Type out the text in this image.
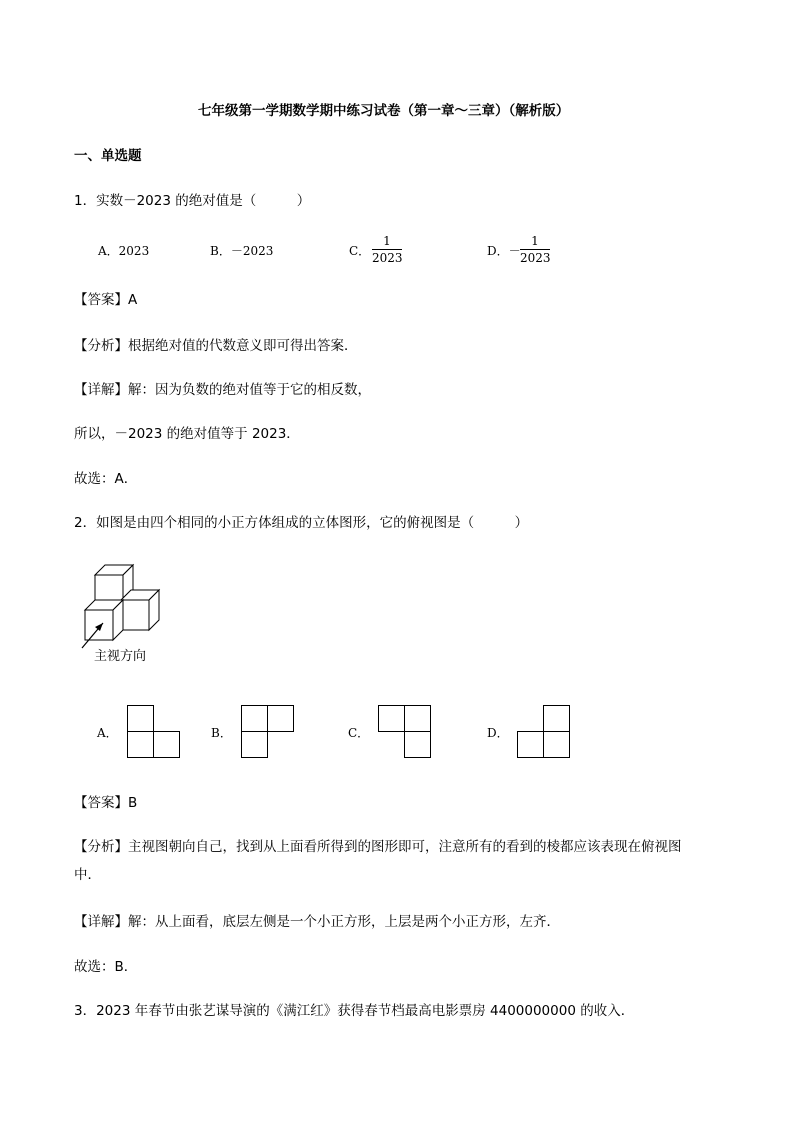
七年级第一学期数学期中练习试卷（第一章～三章）（解析版）
一、单选题
1．实数－2023 的绝对值是（　　　）
A．2023	B．－2023	C．
1
2023	D．－
1
2023
【答案】A
【分析】根据绝对值的代数意义即可得出答案．
【详解】解：因为负数的绝对值等于它的相反数，
所以，－2023 的绝对值等于 2023．
故选：A．
2．如图是由四个相同的小正方体组成的立体图形，它的俯视图是（　　　）
主视方向
A．	B．	C．	D．
【答案】B
【分析】主视图朝向自己，找到从上面看所得到的图形即可，注意所有的看到的棱都应该表现在俯视图
中．
【详解】解：从上面看，底层左侧是一个小正方形，上层是两个小正方形，左齐．
故选：B．
3．2023 年春节由张艺谋导演的《满江红》获得春节档最高电影票房 4400000000 的收入．
